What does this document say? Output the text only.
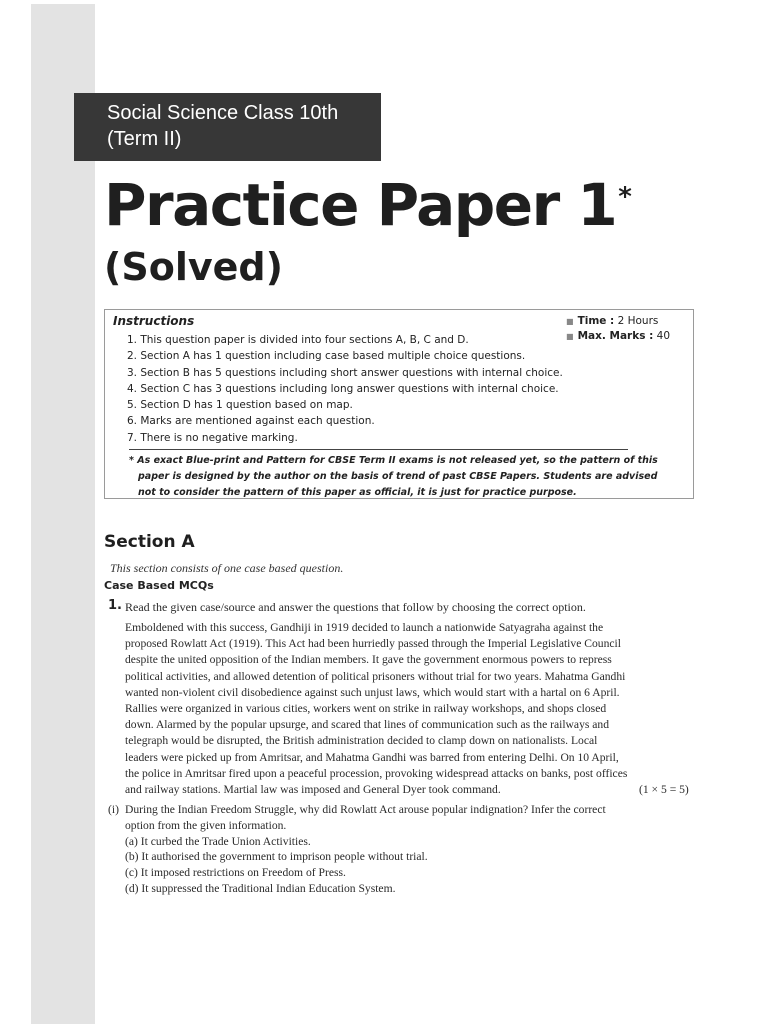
Social Science Class 10th
(Term II)
Practice Paper 1*
(Solved)
Instructions	■ Time : 2 Hours
■ Max. Marks : 40
1. This question paper is divided into four sections A, B, C and D.
2. Section A has 1 question including case based multiple choice questions.
3. Section B has 5 questions including short answer questions with internal choice.
4. Section C has 3 questions including long answer questions with internal choice.
5. Section D has 1 question based on map.
6. Marks are mentioned against each question.
7. There is no negative marking.
* As exact Blue-print and Pattern for CBSE Term II exams is not released yet, so the pattern of this
paper is designed by the author on the basis of trend of past CBSE Papers. Students are advised
not to consider the pattern of this paper as official, it is just for practice purpose.
Section A
This section consists of one case based question.
Case Based MCQs
1. Read the given case/source and answer the questions that follow by choosing the correct option.
Emboldened with this success, Gandhiji in 1919 decided to launch a nationwide Satyagraha against the
proposed Rowlatt Act (1919). This Act had been hurriedly passed through the Imperial Legislative Council
despite the united opposition of the Indian members. It gave the government enormous powers to repress
political activities, and allowed detention of political prisoners without trial for two years. Mahatma Gandhi
wanted non-violent civil disobedience against such unjust laws, which would start with a hartal on 6 April.
Rallies were organized in various cities, workers went on strike in railway workshops, and shops closed
down. Alarmed by the popular upsurge, and scared that lines of communication such as the railways and
telegraph would be disrupted, the British administration decided to clamp down on nationalists. Local
leaders were picked up from Amritsar, and Mahatma Gandhi was barred from entering Delhi. On 10 April,
the police in Amritsar fired upon a peaceful procession, provoking widespread attacks on banks, post offices
and railway stations. Martial law was imposed and General Dyer took command.	(1 × 5 = 5)
(i) During the Indian Freedom Struggle, why did Rowlatt Act arouse popular indignation? Infer the correct
option from the given information.
(a) It curbed the Trade Union Activities.
(b) It authorised the government to imprison people without trial.
(c) It imposed restrictions on Freedom of Press.
(d) It suppressed the Traditional Indian Education System.
